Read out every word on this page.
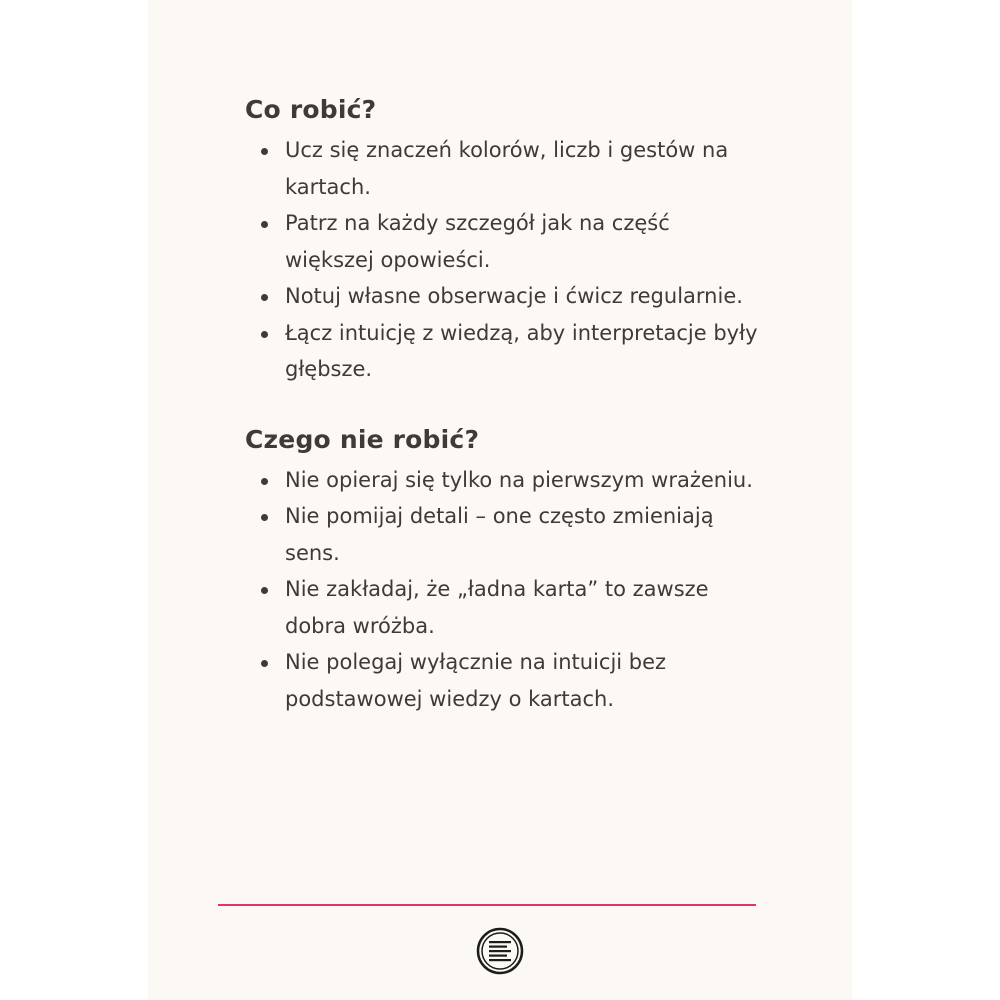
Co robić?
Ucz się znaczeń kolorów, liczb i gestów na kartach.
Patrz na każdy szczegół jak na część większej opowieści.
Notuj własne obserwacje i ćwicz regularnie.
Łącz intuicję z wiedzą, aby interpretacje były głębsze.
Czego nie robić?
Nie opieraj się tylko na pierwszym wrażeniu.
Nie pomijaj detali – one często zmieniają sens.
Nie zakładaj, że „ładna karta” to zawsze dobra wróżba.
Nie polegaj wyłącznie na intuicji bez podstawowej wiedzy o kartach.
